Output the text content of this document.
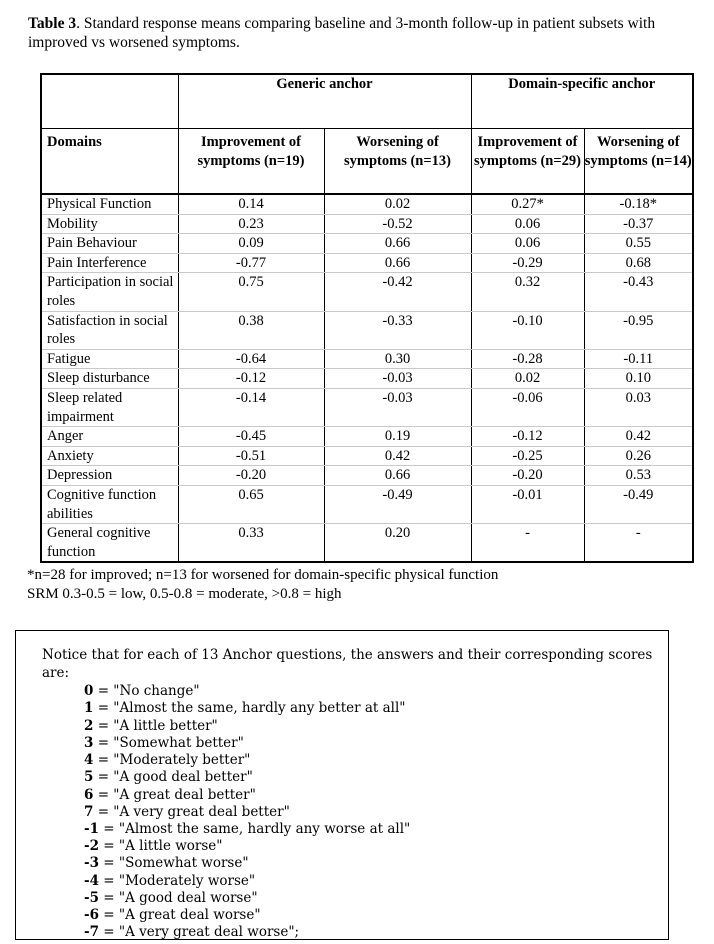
Table 3. Standard response means comparing baseline and 3-month follow-up in patient subsets with improved vs worsened symptoms.
	Generic anchor		Domain-specific anchor	
Domains	Improvement of symptoms (n=19)	Worsening of symptoms (n=13)	Improvement of symptoms (n=29)	Worsening of symptoms (n=14)
Physical Function	0.14	0.02	0.27*	-0.18*
Mobility	0.23	-0.52	0.06	-0.37
Pain Behaviour	0.09	0.66	0.06	0.55
Pain Interference	-0.77	0.66	-0.29	0.68
Participation in social roles	0.75	-0.42	0.32	-0.43
Satisfaction in social roles	0.38	-0.33	-0.10	-0.95
Fatigue	-0.64	0.30	-0.28	-0.11
Sleep disturbance	-0.12	-0.03	0.02	0.10
Sleep related impairment	-0.14	-0.03	-0.06	0.03
Anger	-0.45	0.19	-0.12	0.42
Anxiety	-0.51	0.42	-0.25	0.26
Depression	-0.20	0.66	-0.20	0.53
Cognitive function abilities	0.65	-0.49	-0.01	-0.49
General cognitive function	0.33	0.20	-	-
*n=28 for improved; n=13 for worsened for domain-specific physical function
SRM 0.3-0.5 = low, 0.5-0.8 = moderate, >0.8 = high
Notice that for each of 13 Anchor questions, the answers and their corresponding scores are:
0 = "No change"
1 = "Almost the same, hardly any better at all"
2 = "A little better"
3 = "Somewhat better"
4 = "Moderately better"
5 = "A good deal better"
6 = "A great deal better"
7 = "A very great deal better"
-1 = "Almost the same, hardly any worse at all"
-2 = "A little worse"
-3 = "Somewhat worse"
-4 = "Moderately worse"
-5 = "A good deal worse"
-6 = "A great deal worse"
-7 = "A very great deal worse";
